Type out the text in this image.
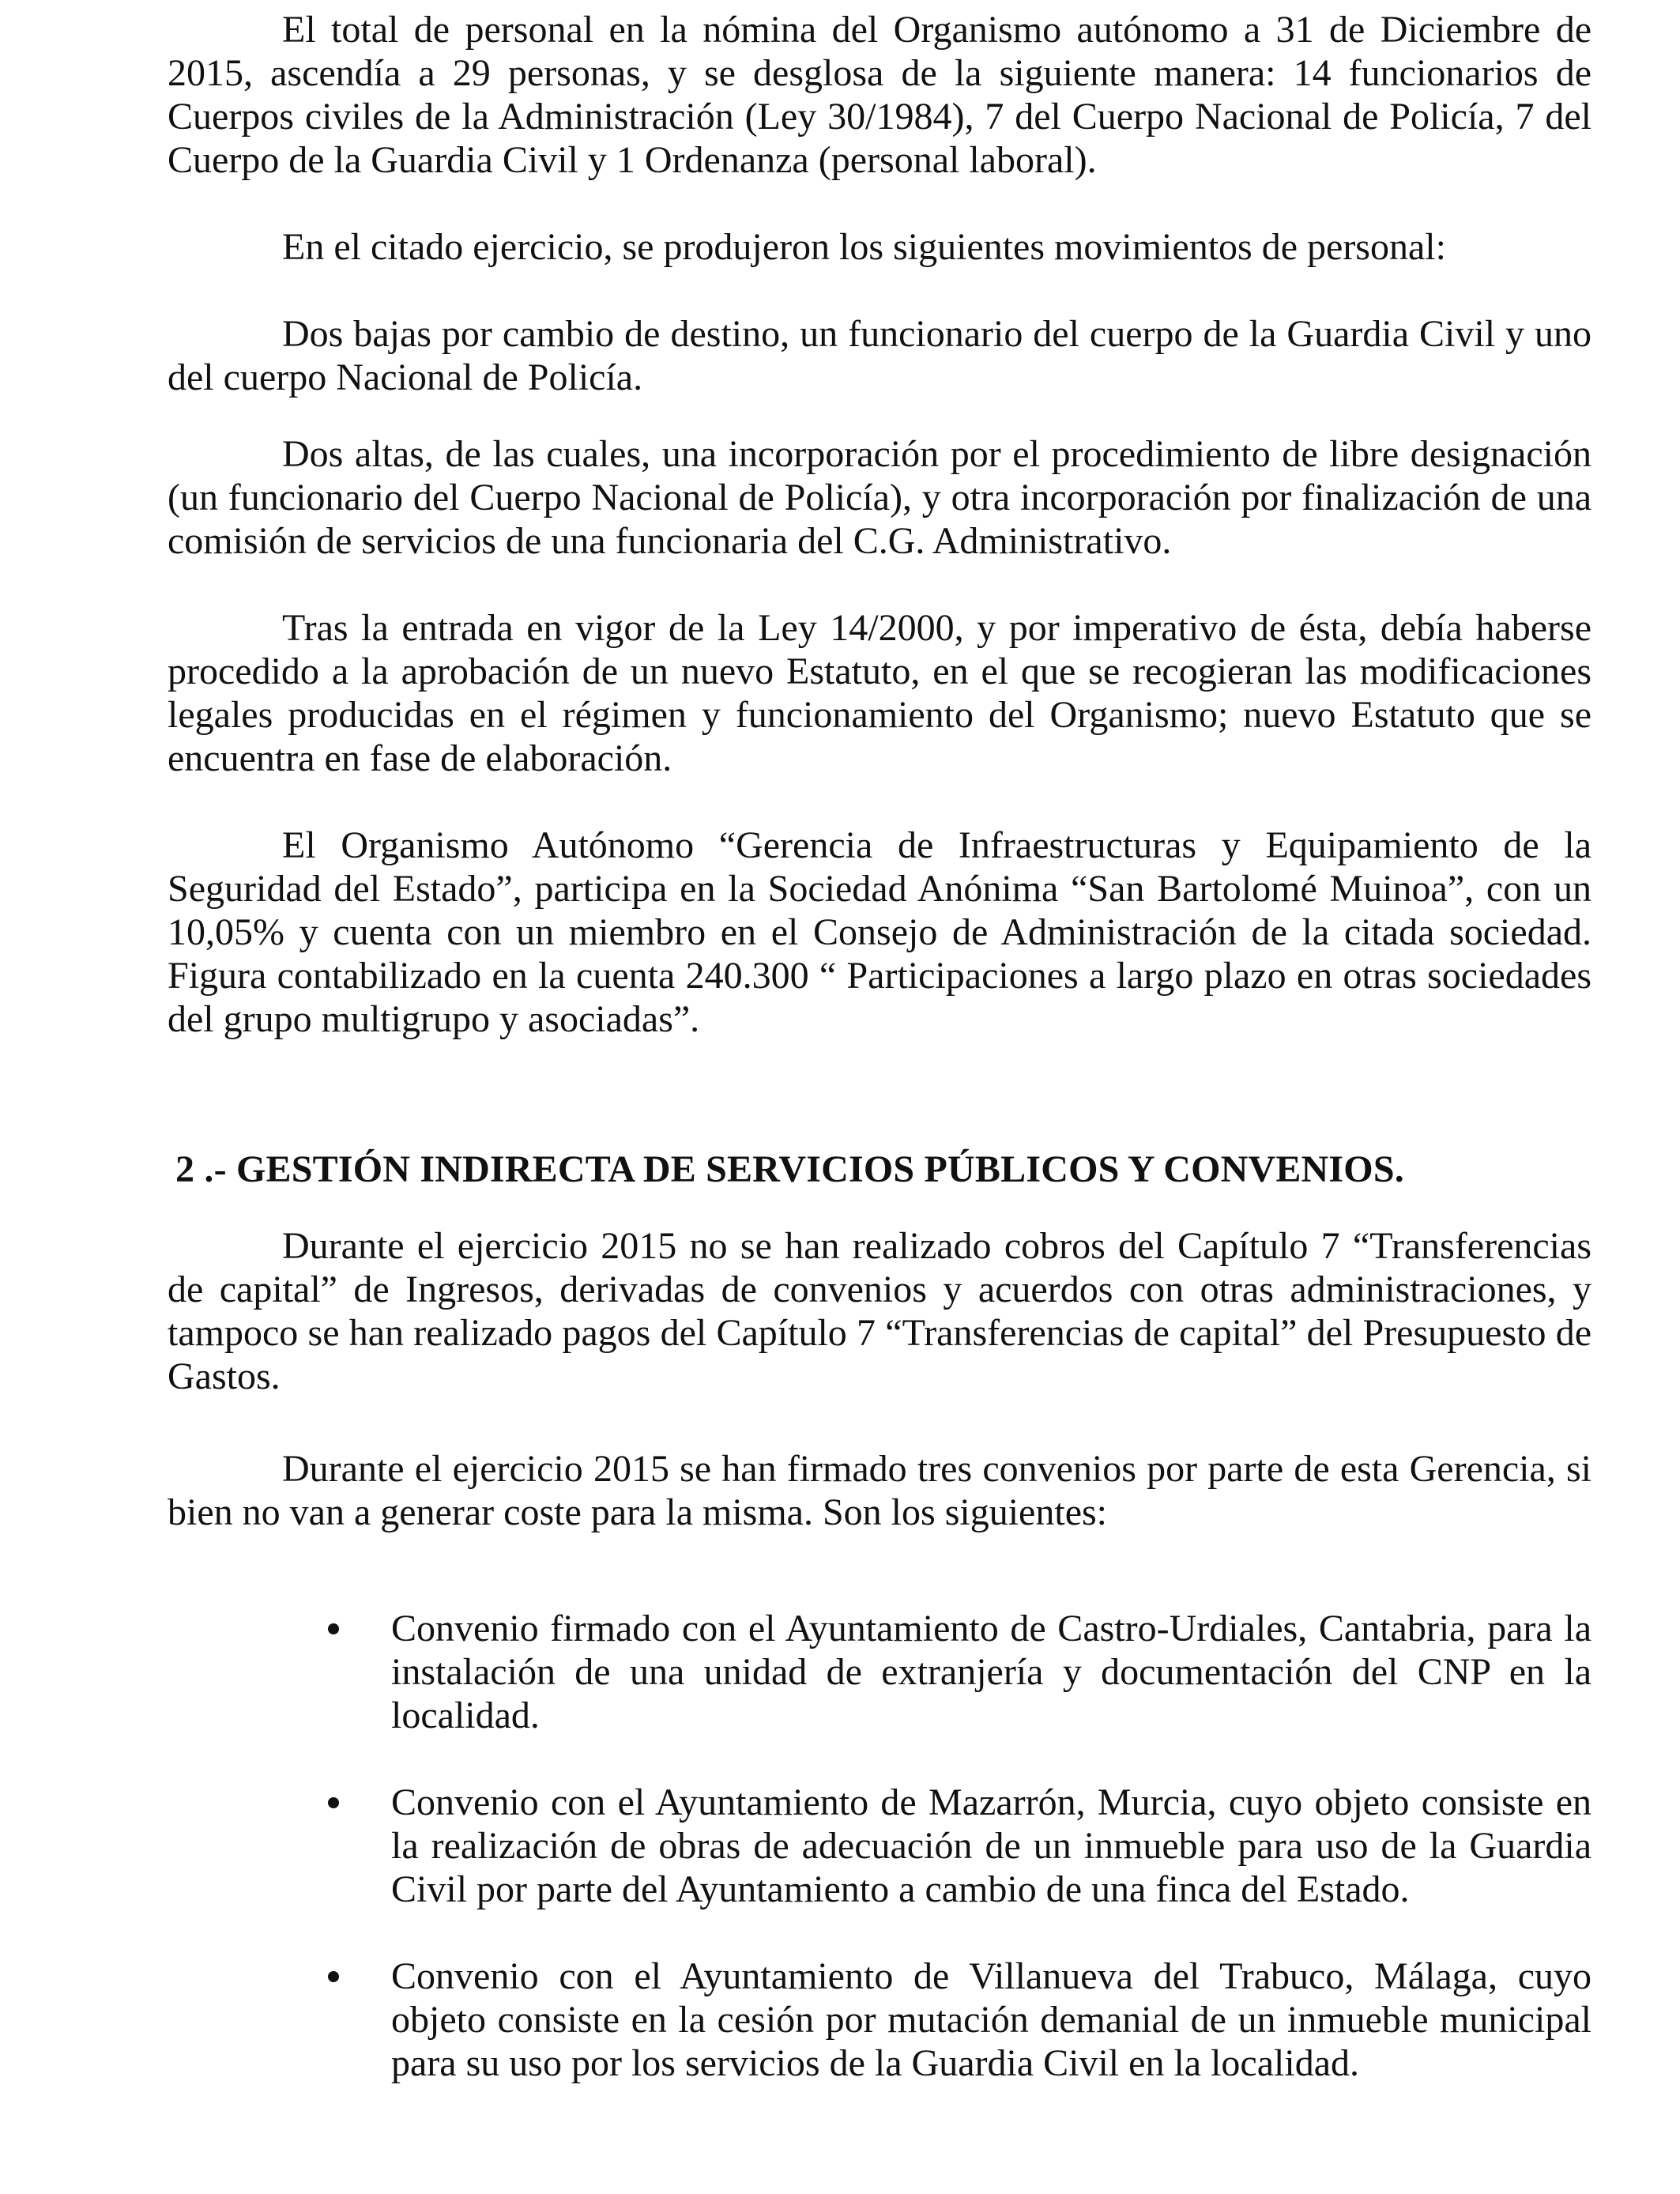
El total de personal en la nómina del Organismo autónomo a 31 de Diciembre de 2015, ascendía a 29 personas, y se desglosa de la siguiente manera: 14 funcionarios de Cuerpos civiles de la Administración (Ley 30/1984), 7 del Cuerpo Nacional de Policía, 7 del Cuerpo de la Guardia Civil y 1 Ordenanza (personal laboral).

En el citado ejercicio, se produjeron los siguientes movimientos de personal:

Dos bajas por cambio de destino, un funcionario del cuerpo de la Guardia Civil y uno del cuerpo Nacional de Policía.

Dos altas, de las cuales, una incorporación por el procedimiento de libre designación (un funcionario del Cuerpo Nacional de Policía), y otra incorporación por finalización de una comisión de servicios de una funcionaria del C.G. Administrativo.

Tras la entrada en vigor de la Ley 14/2000, y por imperativo de ésta, debía haberse procedido a la aprobación de un nuevo Estatuto, en el que se recogieran las modificaciones legales producidas en el régimen y funcionamiento del Organismo; nuevo Estatuto que se encuentra en fase de elaboración.

El Organismo Autónomo “Gerencia de Infraestructuras y Equipamiento de la Seguridad del Estado”, participa en la Sociedad Anónima “San Bartolomé Muinoa”, con un 10,05% y cuenta con un miembro en el Consejo de Administración de la citada sociedad. Figura contabilizado en la cuenta 240.300 “ Participaciones a largo plazo en otras sociedades del grupo multigrupo y asociadas”.

2 .- GESTIÓN INDIRECTA DE SERVICIOS PÚBLICOS Y CONVENIOS.

Durante el ejercicio 2015 no se han realizado cobros del Capítulo 7 “Transferencias de capital” de Ingresos, derivadas de convenios y acuerdos con otras administraciones, y tampoco se han realizado pagos del Capítulo 7 “Transferencias de capital” del Presupuesto de Gastos.

Durante el ejercicio 2015 se han firmado tres convenios por parte de esta Gerencia, si bien no van a generar coste para la misma. Son los siguientes:

Convenio firmado con el Ayuntamiento de Castro-Urdiales, Cantabria, para la instalación de una unidad de extranjería y documentación del CNP en la localidad.
Convenio con el Ayuntamiento de Mazarrón, Murcia, cuyo objeto consiste en la realización de obras de adecuación de un inmueble para uso de la Guardia Civil por parte del Ayuntamiento a cambio de una finca del Estado.
Convenio con el Ayuntamiento de Villanueva del Trabuco, Málaga, cuyo objeto consiste en la cesión por mutación demanial de un inmueble municipal para su uso por los servicios de la Guardia Civil en la localidad.
